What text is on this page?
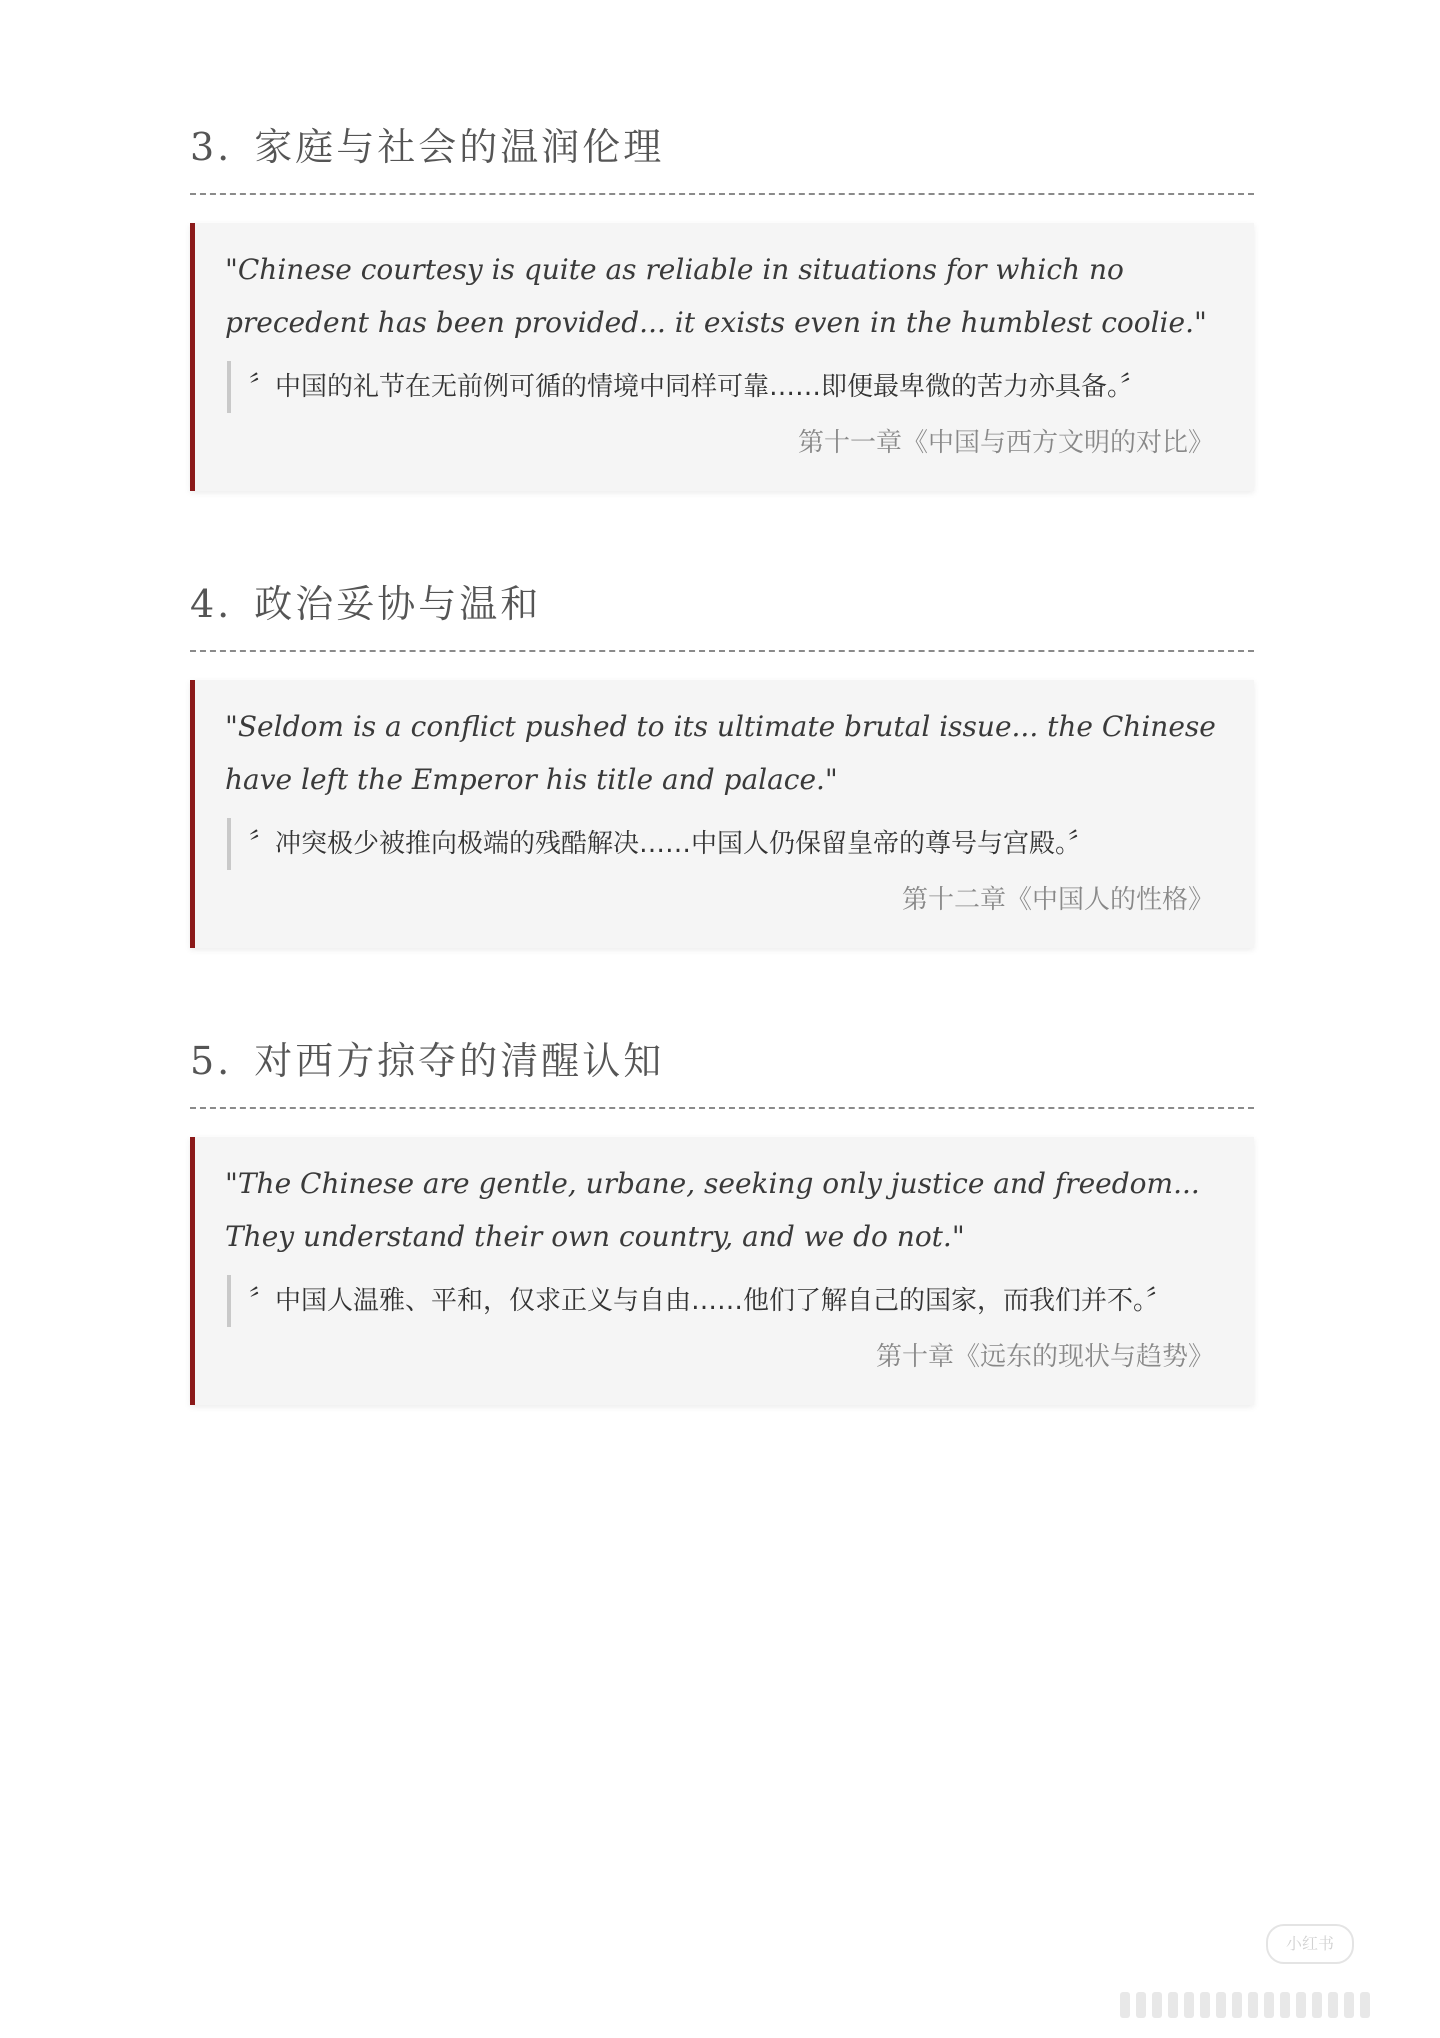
3. 家庭与社会的温润伦理

"Chinese courtesy is quite as reliable in situations for which no precedent has been provided... it exists even in the humblest coolie."

〞中国的礼节在无前例可循的情境中同样可靠……即便最卑微的苦力亦具备。〞
第十一章《中国与西方文明的对比》
4. 政治妥协与温和

"Seldom is a conflict pushed to its ultimate brutal issue... the Chinese have left the Emperor his title and palace."

〞冲突极少被推向极端的残酷解决……中国人仍保留皇帝的尊号与宫殿。〞
第十二章《中国人的性格》
5. 对西方掠夺的清醒认知

"The Chinese are gentle, urbane, seeking only justice and freedom... They understand their own country, and we do not."

〞中国人温雅、平和，仅求正义与自由……他们了解自己的国家，而我们并不。〞
第十章《远东的现状与趋势》
小红书
